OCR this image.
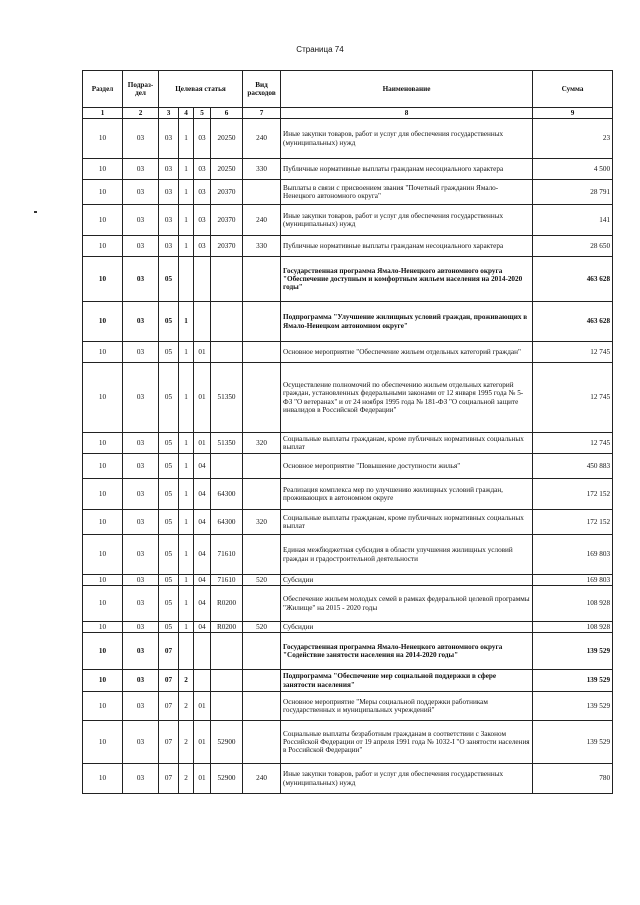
Страница 74
Раздел	Подраз- дел	Целевая статья				Вид расходов	Наименование	Сумма
1	2	3	4	5	6	7	8	9
10	03	03	1	03	20250	240	Иные закупки товаров, работ и услуг для обеспечения государственных (муниципальных) нужд	23
10	03	03	1	03	20250	330	Публичные нормативные выплаты гражданам несоциального характера	4 500
10	03	03	1	03	20370		Выплаты в связи с присвоением звания "Почетный гражданин Ямало-Ненецкого автономного округа"	28 791
10	03	03	1	03	20370	240	Иные закупки товаров, работ и услуг для обеспечения государственных (муниципальных) нужд	141
10	03	03	1	03	20370	330	Публичные нормативные выплаты гражданам несоциального характера	28 650
10	03	05					Государственная программа Ямало-Ненецкого автономного округа "Обеспечение доступным и комфортным жильем населения на 2014-2020 годы"	463 628
10	03	05	1				Подпрограмма "Улучшение жилищных условий граждан, проживающих в Ямало-Ненецком автономном округе"	463 628
10	03	05	1	01			Основное мероприятие "Обеспечение жильем отдельных категорий граждан"	12 745
10	03	05	1	01	51350		Осуществление полномочий по обеспечению жильем отдельных категорий граждан, установленных федеральными законами от 12 января 1995 года № 5-ФЗ "О ветеранах" и от 24 ноября 1995 года № 181-ФЗ "О социальной защите инвалидов в Российской Федерации"	12 745
10	03	05	1	01	51350	320	Социальные выплаты гражданам, кроме публичных нормативных социальных выплат	12 745
10	03	05	1	04			Основное мероприятие "Повышение доступности жилья"	450 883
10	03	05	1	04	64300		Реализация комплекса мер по улучшению жилищных условий граждан, проживающих в автономном округе	172 152
10	03	05	1	04	64300	320	Социальные выплаты гражданам, кроме публичных нормативных социальных выплат	172 152
10	03	05	1	04	71610		Единая межбюджетная субсидия в области улучшения жилищных условий граждан и градостроительной деятельности	169 803
10	03	05	1	04	71610	520	Субсидии	169 803
10	03	05	1	04	R0200		Обеспечение жильем молодых семей в рамках федеральной целевой программы "Жилище" на 2015 - 2020 годы	108 928
10	03	05	1	04	R0200	520	Субсидии	108 928
10	03	07					Государственная программа Ямало-Ненецкого автономного округа "Содействие занятости населения на 2014-2020 годы"	139 529
10	03	07	2				Подпрограмма "Обеспечение мер социальной поддержки в сфере занятости населения"	139 529
10	03	07	2	01			Основное мероприятие "Меры социальной поддержки работникам государственных и муниципальных учреждений"	139 529
10	03	07	2	01	52900		Социальные выплаты безработным гражданам в соответствии с Законом Российской Федерации от 19 апреля 1991 года № 1032-I "О занятости населения в Российской Федерации"	139 529
10	03	07	2	01	52900	240	Иные закупки товаров, работ и услуг для обеспечения государственных (муниципальных) нужд	780
